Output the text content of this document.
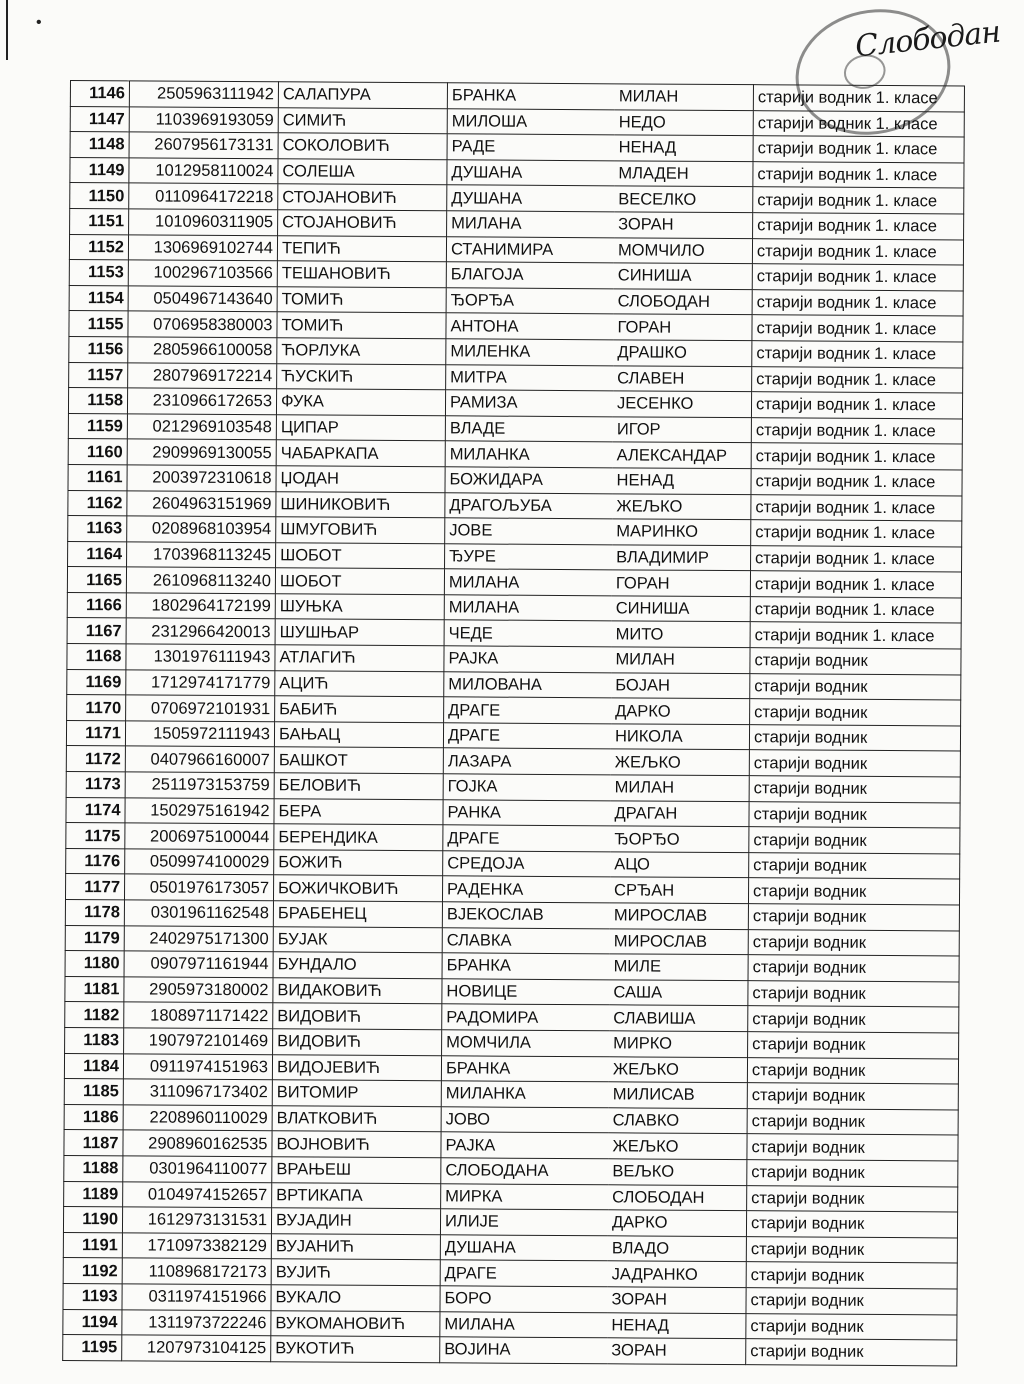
•	Слободан
1146	2505963111942	САЛАПУРА	БРАНКА	МИЛАН	старији водник 1. класе
1147	1103969193059	СИМИЋ	МИЛОША	НЕДО	старији водник 1. класе
1148	2607956173131	СОКОЛОВИЋ	РАДЕ	НЕНАД	старији водник 1. класе
1149	1012958110024	СОЛЕША	ДУШАНА	МЛАДЕН	старији водник 1. класе
1150	0110964172218	СТОЈАНОВИЋ	ДУШАНА	ВЕСЕЛКО	старији водник 1. класе
1151	1010960311905	СТОЈАНОВИЋ	МИЛАНА	ЗОРАН	старији водник 1. класе
1152	1306969102744	ТЕПИЋ	СТАНИМИРА	МОМЧИЛО	старији водник 1. класе
1153	1002967103566	ТЕШАНОВИЋ	БЛАГОЈА	СИНИША	старији водник 1. класе
1154	0504967143640	ТОМИЋ	ЂОРЂА	СЛОБОДАН	старији водник 1. класе
1155	0706958380003	ТОМИЋ	АНТОНА	ГОРАН	старији водник 1. класе
1156	2805966100058	ЋОРЛУКА	МИЛЕНКА	ДРАШКО	старији водник 1. класе
1157	2807969172214	ЋУСКИЋ	МИТРА	СЛАВЕН	старији водник 1. класе
1158	2310966172653	ФУКА	РАМИЗА	ЈЕСЕНКО	старији водник 1. класе
1159	0212969103548	ЦИПАР	ВЛАДЕ	ИГОР	старији водник 1. класе
1160	2909969130055	ЧАБАРКАПА	МИЛАНКА	АЛЕКСАНДАР	старији водник 1. класе
1161	2003972310618	ЏОДАН	БОЖИДАРА	НЕНАД	старији водник 1. класе
1162	2604963151969	ШИНИКОВИЋ	ДРАГОЉУБА	ЖЕЉКО	старији водник 1. класе
1163	0208968103954	ШМУГОВИЋ	ЈОВЕ	МАРИНКО	старији водник 1. класе
1164	1703968113245	ШОБОТ	ЂУРЕ	ВЛАДИМИР	старији водник 1. класе
1165	2610968113240	ШОБОТ	МИЛАНА	ГОРАН	старији водник 1. класе
1166	1802964172199	ШУЊКА	МИЛАНА	СИНИША	старији водник 1. класе
1167	2312966420013	ШУШЊАР	ЧЕДЕ	МИТО	старији водник 1. класе
1168	1301976111943	АТЛАГИЋ	РАЈКА	МИЛАН	старији водник
1169	1712974171779	АЦИЋ	МИЛОВАНА	БОЈАН	старији водник
1170	0706972101931	БАБИЋ	ДРАГЕ	ДАРКО	старији водник
1171	1505972111943	БАЊАЦ	ДРАГЕ	НИКОЛА	старији водник
1172	0407966160007	БАШКОТ	ЛАЗАРА	ЖЕЉКО	старији водник
1173	2511973153759	БЕЛОВИЋ	ГОЈКА	МИЛАН	старији водник
1174	1502975161942	БЕРА	РАНКА	ДРАГАН	старији водник
1175	2006975100044	БЕРЕНДИКА	ДРАГЕ	ЂОРЂО	старији водник
1176	0509974100029	БОЖИЋ	СРЕДОЈА	АЦО	старији водник
1177	0501976173057	БОЖИЧКОВИЋ	РАДЕНКА	СРЂАН	старији водник
1178	0301961162548	БРАБЕНЕЦ	ВЈЕКОСЛАВ	МИРОСЛАВ	старији водник
1179	2402975171300	БУЈАК	СЛАВКА	МИРОСЛАВ	старији водник
1180	0907971161944	БУНДАЛО	БРАНКА	МИЛЕ	старији водник
1181	2905973180002	ВИДАКОВИЋ	НОВИЦЕ	САША	старији водник
1182	1808971171422	ВИДОВИЋ	РАДОМИРА	СЛАВИША	старији водник
1183	1907972101469	ВИДОВИЋ	МОМЧИЛА	МИРКО	старији водник
1184	0911974151963	ВИДОЈЕВИЋ	БРАНКА	ЖЕЉКО	старији водник
1185	3110967173402	ВИТОМИР	МИЛАНКА	МИЛИСАВ	старији водник
1186	2208960110029	ВЛАТКОВИЋ	ЈОВО	СЛАВКО	старији водник
1187	2908960162535	ВОЈНОВИЋ	РАЈКА	ЖЕЉКО	старији водник
1188	0301964110077	ВРАЊЕШ	СЛОБОДАНА	ВЕЉКО	старији водник
1189	0104974152657	ВРТИКАПА	МИРКА	СЛОБОДАН	старији водник
1190	1612973131531	ВУЈАДИН	ИЛИЈЕ	ДАРКО	старији водник
1191	1710973382129	ВУЈАНИЋ	ДУШАНА	ВЛАДО	старији водник
1192	1108968172173	ВУЈИЋ	ДРАГЕ	ЈАДРАНКО	старији водник
1193	0311974151966	ВУКАЛО	БОРО	ЗОРАН	старији водник
1194	1311973722246	ВУКОМАНОВИЋ	МИЛАНА	НЕНАД	старији водник
1195	1207973104125	ВУКОТИЋ	ВОЈИНА	ЗОРАН	старији водник
